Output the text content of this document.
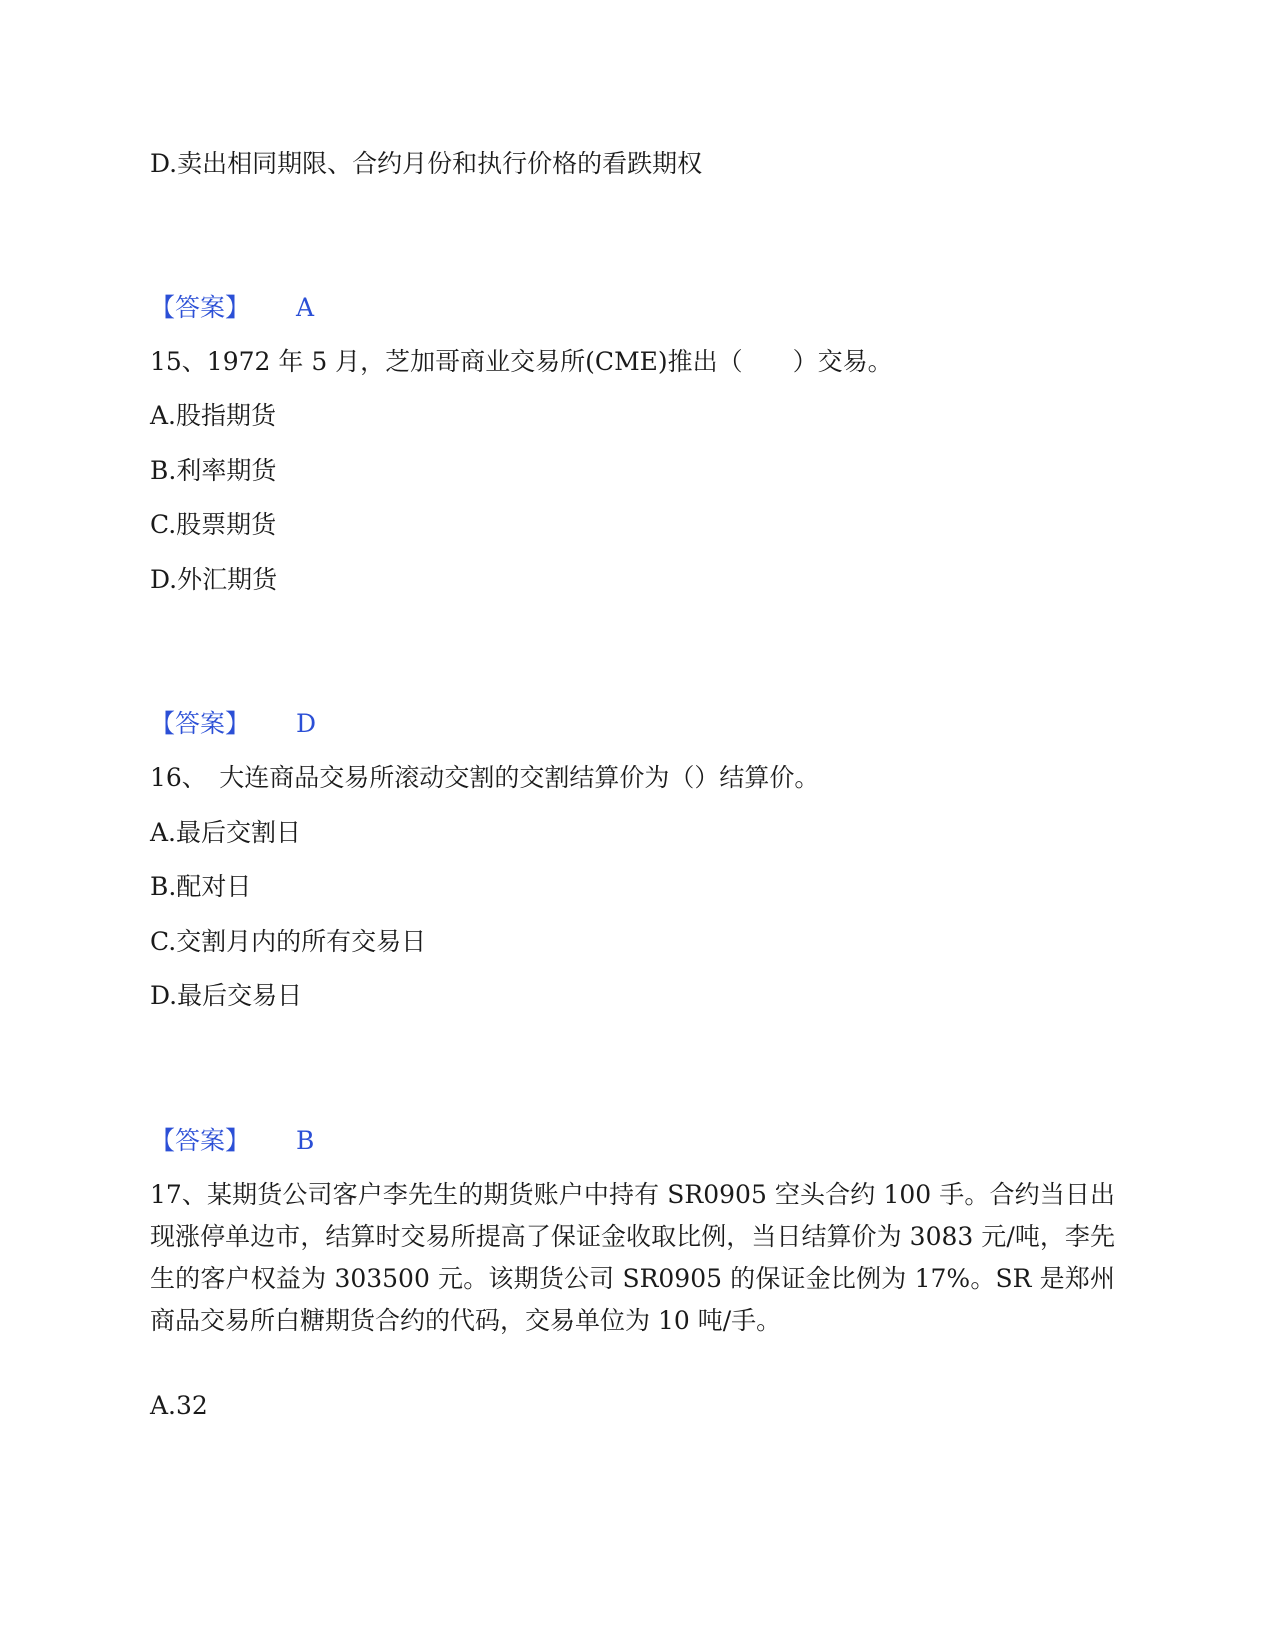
D.卖出相同期限、合约月份和执行价格的看跌期权

【答案】 A

15、1972 年 5 月，芝加哥商业交易所(CME)推出（　　）交易。

A.股指期货

B.利率期货

C.股票期货

D.外汇期货

【答案】 D

16、　大连商品交易所滚动交割的交割结算价为（）结算价。

A.最后交割日

B.配对日

C.交割月内的所有交易日

D.最后交易日

【答案】 B

17、某期货公司客户李先生的期货账户中持有 SR0905 空头合约 100 手。合约当日出现涨停单边市，结算时交易所提高了保证金收取比例，当日结算价为 3083 元/吨，李先生的客户权益为 303500 元。该期货公司 SR0905 的保证金比例为 17%。SR 是郑州商品交易所白糖期货合约的代码，交易单位为 10 吨/手。

A.32
